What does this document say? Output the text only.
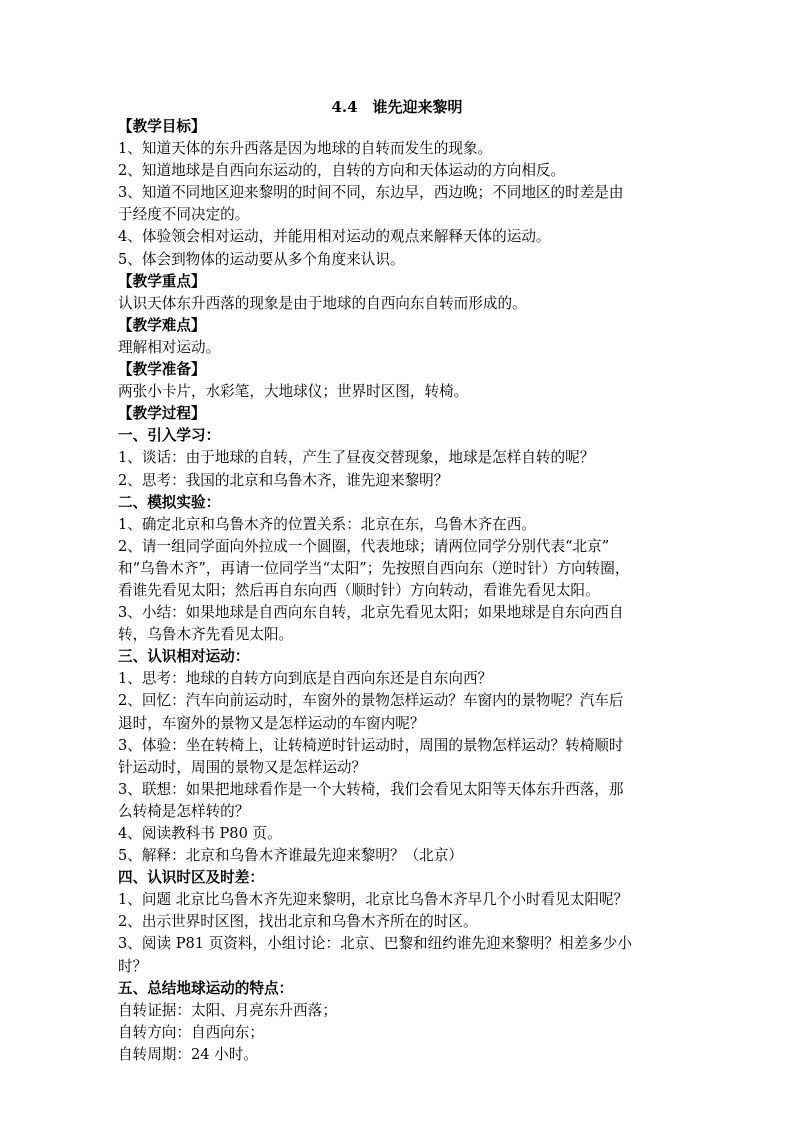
4.4　谁先迎来黎明
【教学目标】
1、知道天体的东升西落是因为地球的自转而发生的现象。
2、知道地球是自西向东运动的，自转的方向和天体运动的方向相反。
3、知道不同地区迎来黎明的时间不同，东边早，西边晚；不同地区的时差是由
于经度不同决定的。
4、体验领会相对运动，并能用相对运动的观点来解释天体的运动。
5、体会到物体的运动要从多个角度来认识。
【教学重点】
认识天体东升西落的现象是由于地球的自西向东自转而形成的。
【教学难点】
理解相对运动。
【教学准备】
两张小卡片，水彩笔，大地球仪；世界时区图，转椅。
【教学过程】
一、引入学习：
1、谈话：由于地球的自转，产生了昼夜交替现象，地球是怎样自转的呢？
2、思考：我国的北京和乌鲁木齐，谁先迎来黎明？
二、模拟实验：
1、确定北京和乌鲁木齐的位置关系：北京在东，乌鲁木齐在西。
2、请一组同学面向外拉成一个圆圈，代表地球；请两位同学分别代表“北京”
和“乌鲁木齐”，再请一位同学当“太阳”；先按照自西向东（逆时针）方向转圈，
看谁先看见太阳；然后再自东向西（顺时针）方向转动，看谁先看见太阳。
3、小结：如果地球是自西向东自转，北京先看见太阳；如果地球是自东向西自
转，乌鲁木齐先看见太阳。
三、认识相对运动：
1、思考：地球的自转方向到底是自西向东还是自东向西？
2、回忆：汽车向前运动时，车窗外的景物怎样运动？车窗内的景物呢？汽车后
退时，车窗外的景物又是怎样运动的车窗内呢？
3、体验：坐在转椅上，让转椅逆时针运动时，周围的景物怎样运动？转椅顺时
针运动时，周围的景物又是怎样运动？
3、联想：如果把地球看作是一个大转椅，我们会看见太阳等天体东升西落，那
么转椅是怎样转的？
4、阅读教科书 P80 页。
5、解释：北京和乌鲁木齐谁最先迎来黎明？（北京）
四、认识时区及时差：
1、问题 北京比乌鲁木齐先迎来黎明，北京比乌鲁木齐早几个小时看见太阳呢？
2、出示世界时区图，找出北京和乌鲁木齐所在的时区。
3、阅读 P81 页资料，小组讨论：北京、巴黎和纽约谁先迎来黎明？相差多少小
时？
五、总结地球运动的特点：
自转证据：太阳、月亮东升西落；
自转方向：自西向东；
自转周期：24 小时。
